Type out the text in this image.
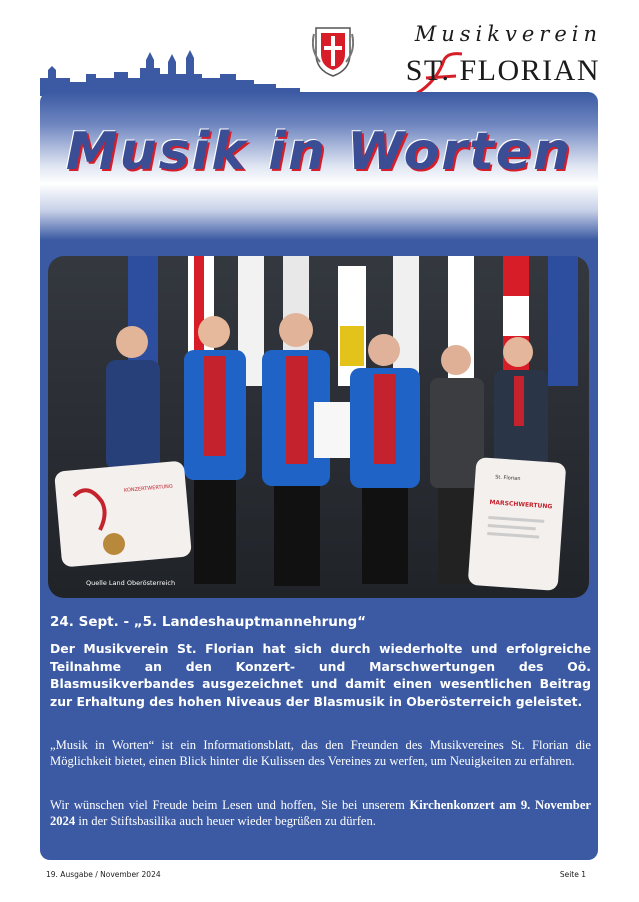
Musikverein
ST. FLORIAN
Musik in Worten
KONZERTWERTUNG
St. Florian
MARSCHWERTUNG
Quelle Land Oberösterreich
24. Sept. - „5. Landeshauptmannehrung“
Der Musikverein St. Florian hat sich durch wiederholte und erfolgreiche Teilnahme an den Konzert- und Marschwertungen des Oö. Blasmusikverbandes ausgezeichnet und damit einen wesentlichen Beitrag zur Erhaltung des hohen Niveaus der Blasmusik in Oberösterreich geleistet.
„Musik in Worten“ ist ein Informationsblatt, das den Freunden des Musikvereines St. Florian die Möglichkeit bietet, einen Blick hinter die Kulissen des Vereines zu werfen, um Neuigkeiten zu erfahren.
Wir wünschen viel Freude beim Lesen und hoffen, Sie bei unserem Kirchenkonzert am 9. November 2024 in der Stiftsbasilika auch heuer wieder begrüßen zu dürfen.
19. Ausgabe / November 2024	Seite 1
